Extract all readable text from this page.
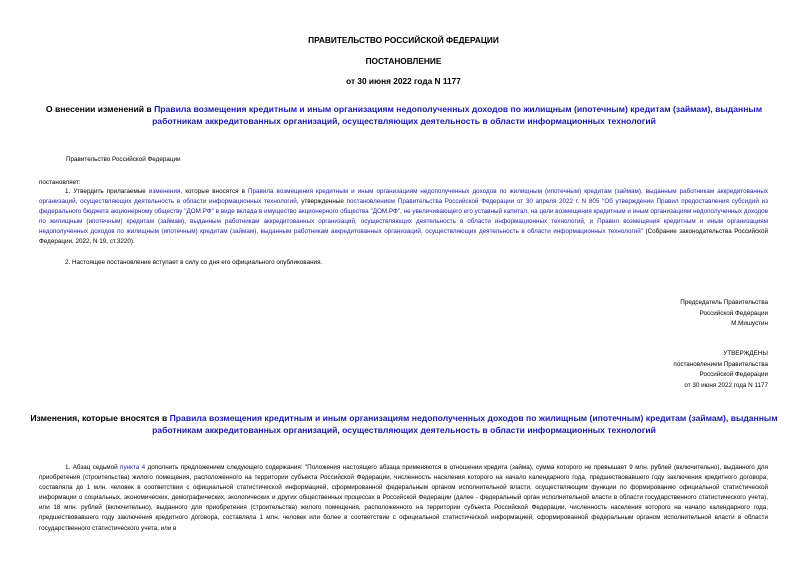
ПРАВИТЕЛЬСТВО РОССИЙСКОЙ ФЕДЕРАЦИИ
ПОСТАНОВЛЕНИЕ
от 30 июня 2022 года N 1177
О внесении изменений в Правила возмещения кредитным и иным организациям недополученных доходов по жилищным (ипотечным) кредитам (займам), выданным работникам аккредитованных организаций, осуществляющих деятельность в области информационных технологий
Правительство Российской Федерации
постановляет:
1. Утвердить прилагаемые изменения, которые вносятся в Правила возмещения кредитным и иным организациям недополученных доходов по жилищным (ипотечным) кредитам (займам), выданным работникам аккредитованных организаций, осуществляющих деятельность в области информационных технологий, утвержденные постановлением Правительства Российской Федерации от 30 апреля 2022 г. N 805 "Об утверждении Правил предоставления субсидий из федерального бюджета акционерному обществу "ДОМ.РФ" в виде вклада в имущество акционерного общества "ДОМ.РФ", не увеличивающего его уставный капитал, на цели возмещения кредитным и иным организациям недополученных доходов по жилищным (ипотечным) кредитам (займам), выданным работникам аккредитованных организаций, осуществляющих деятельность в области информационных технологий, и Правил возмещения кредитным и иным организациям недополученных доходов по жилищным (ипотечным) кредитам (займам), выданным работникам аккредитованных организаций, осуществляющих деятельность в области информационных технологий" (Собрание законодательства Российской Федерации, 2022, N 19, ст.3220).
2. Настоящее постановление вступает в силу со дня его официального опубликования.
Председатель Правительства
Российской Федерации
М.Мишустин
УТВЕРЖДЕНЫ
постановлением Правительства
Российской Федерации
от 30 июня 2022 года N 1177
Изменения, которые вносятся в Правила возмещения кредитным и иным организациям недополученных доходов по жилищным (ипотечным) кредитам (займам), выданным работникам аккредитованных организаций, осуществляющих деятельность в области информационных технологий
1. Абзац седьмой пункта 4 дополнить предложением следующего содержания: "Положения настоящего абзаца применяются в отношении кредита (займа), сумма которого не превышает 9 млн. рублей (включительно), выданного для приобретения (строительства) жилого помещения, расположенного на территории субъекта Российской Федерации, численность населения которого на начало календарного года, предшествовавшего году заключения кредитного договора, составляла до 1 млн. человек в соответствии с официальной статистической информацией, сформированной федеральным органом исполнительной власти, осуществляющим функции по формированию официальной статистической информации о социальных, экономических, демографических, экологических и других общественных процессах в Российской Федерации (далее - федеральный орган исполнительной власти в области государственного статистического учета), или 18 млн. рублей (включительно), выданного для приобретения (строительства) жилого помещения, расположенного на территории субъекта Российской Федерации, численность населения которого на начало календарного года, предшествовавшего году заключения кредитного договора, составляла 1 млн. человек или более в соответствии с официальной статистической информацией, сформированной федеральным органом исполнительной власти в области государственного статистического учета, или в
